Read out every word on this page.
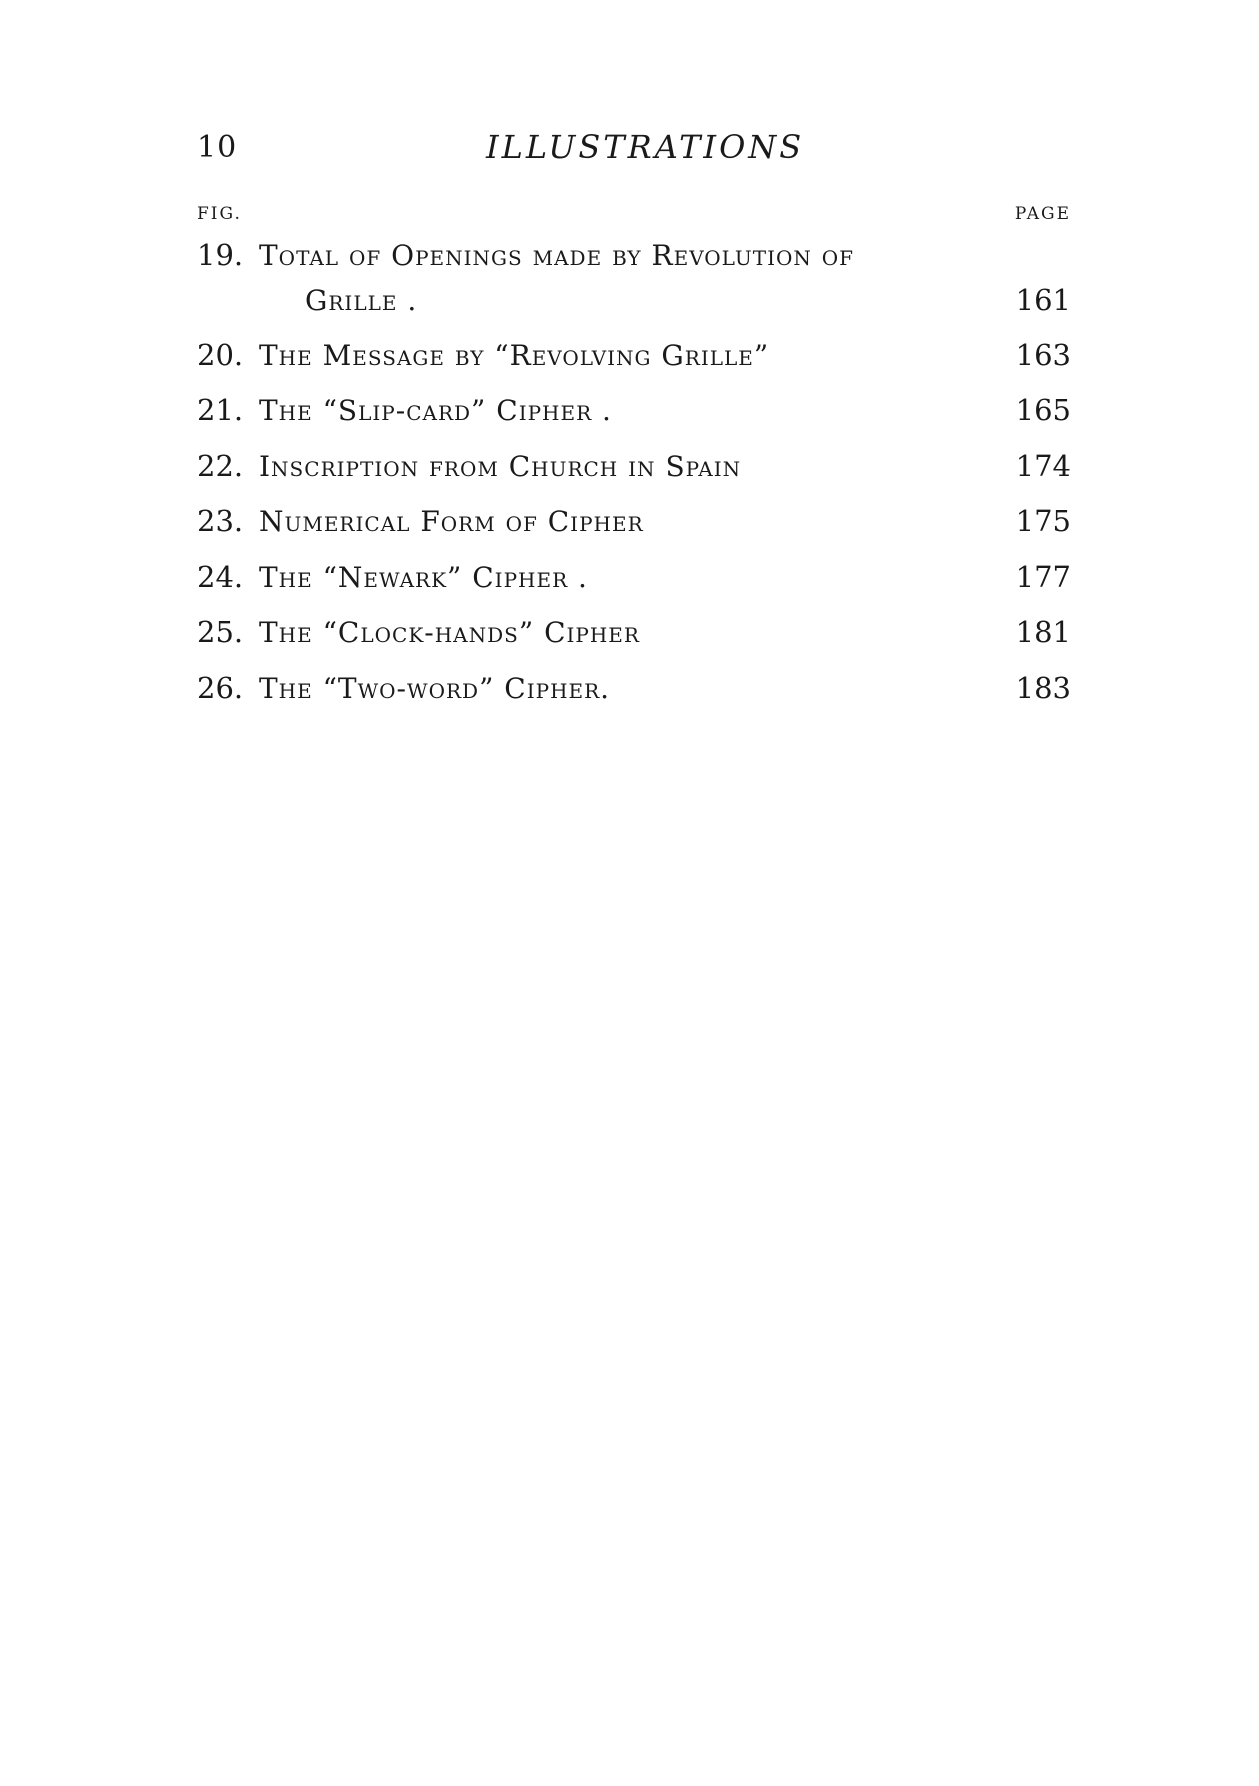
10	ILLUSTRATIONS
FIG.	PAGE
19. Total of Openings made by Revolution of
Grille .	161
20. The Message by “Revolving Grille”	163
21. The “Slip-card” Cipher .	165
22. Inscription from Church in Spain	174
23. Numerical Form of Cipher	175
24. The “Newark” Cipher .	177
25. The “Clock-hands” Cipher	181
26. The “Two-word” Cipher.	183
